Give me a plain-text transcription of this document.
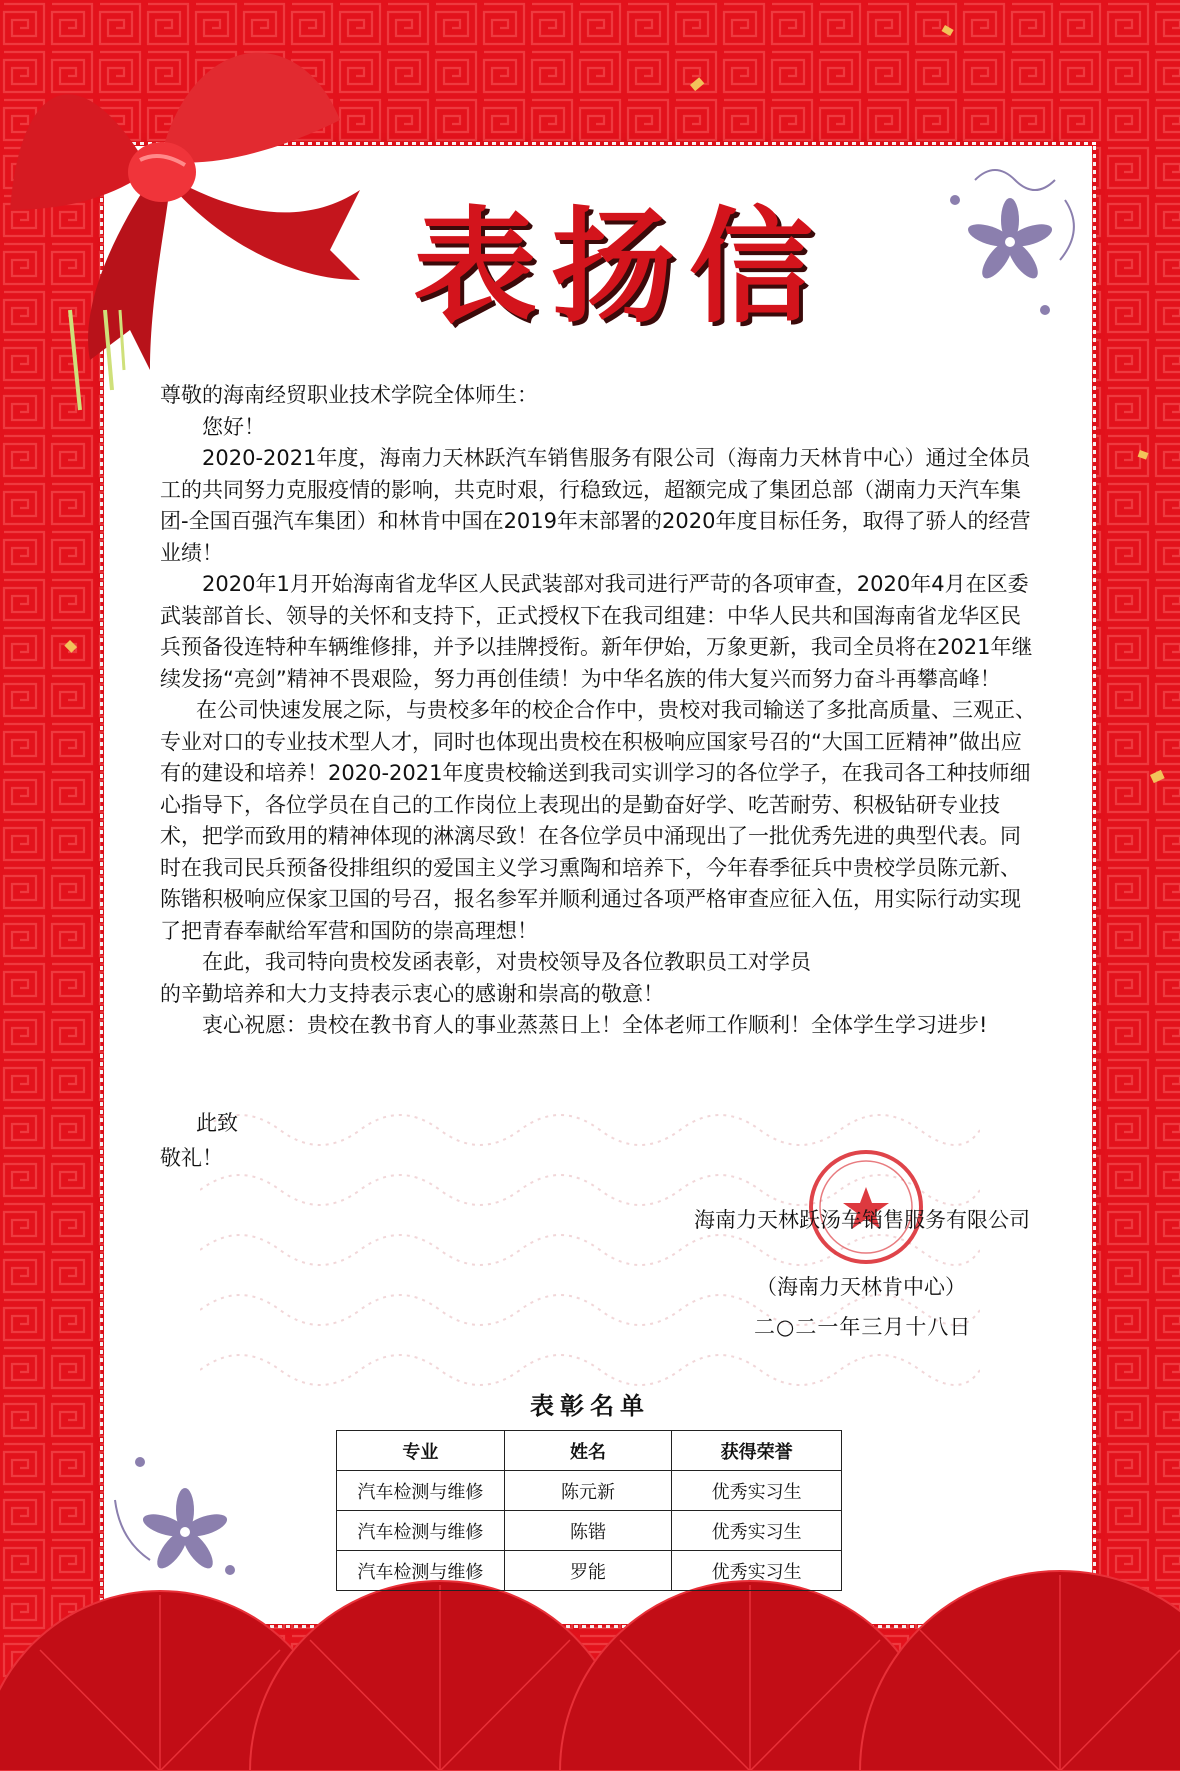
表扬信

尊敬的海南经贸职业技术学院全体师生：

您好！

2020-2021年度，海南力天林跃汽车销售服务有限公司（海南力天林肯中心）通过全体员工的共同努力克服疫情的影响，共克时艰，行稳致远，超额完成了集团总部（湖南力天汽车集团-全国百强汽车集团）和林肯中国在2019年末部署的2020年度目标任务，取得了骄人的经营业绩！

2020年1月开始海南省龙华区人民武装部对我司进行严苛的各项审查，2020年4月在区委武装部首长、领导的关怀和支持下，正式授权下在我司组建：中华人民共和国海南省龙华区民兵预备役连特种车辆维修排，并予以挂牌授衔。新年伊始，万象更新，我司全员将在2021年继续发扬“亮剑”精神不畏艰险，努力再创佳绩！为中华名族的伟大复兴而努力奋斗再攀高峰！

在公司快速发展之际，与贵校多年的校企合作中，贵校对我司输送了多批高质量、三观正、专业对口的专业技术型人才，同时也体现出贵校在积极响应国家号召的“大国工匠精神”做出应有的建设和培养！2020-2021年度贵校输送到我司实训学习的各位学子，在我司各工种技师细心指导下，各位学员在自己的工作岗位上表现出的是勤奋好学、吃苦耐劳、积极钻研专业技术，把学而致用的精神体现的淋漓尽致！在各位学员中涌现出了一批优秀先进的典型代表。同时在我司民兵预备役排组织的爱国主义学习熏陶和培养下，今年春季征兵中贵校学员陈元新、陈锴积极响应保家卫国的号召，报名参军并顺利通过各项严格审查应征入伍，用实际行动实现了把青春奉献给军营和国防的崇高理想！

在此，我司特向贵校发函表彰，对贵校领导及各位教职员工对学员

的辛勤培养和大力支持表示衷心的感谢和崇高的敬意！

衷心祝愿：贵校在教书育人的事业蒸蒸日上！全体老师工作顺利！全体学生学习进步!

此致
敬礼！
海南力天林跃汤车销售服务有限公司
（海南力天林肯中心）
二○二一年三月十八日
表彰名单
专业	姓名	获得荣誉
汽车检测与维修	陈元新	优秀实习生
汽车检测与维修	陈锴	优秀实习生
汽车检测与维修	罗能	优秀实习生
